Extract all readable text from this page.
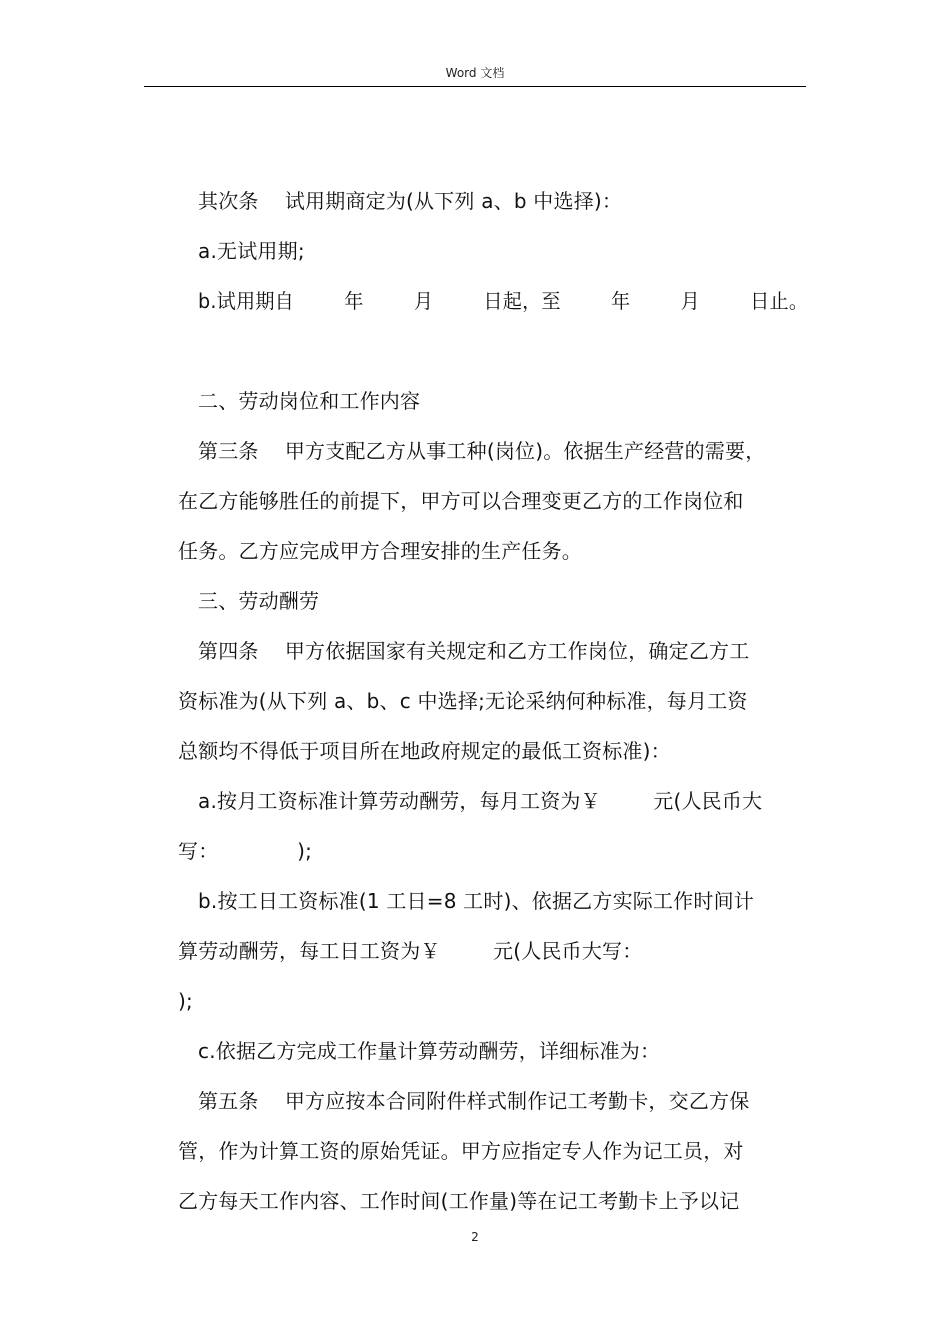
Word 文档
其次条    试用期商定为(从下列 a、b 中选择)：
a.无试用期;
b.试用期自        年        月        日起，至        年        月        日止。
二、劳动岗位和工作内容
第三条    甲方支配乙方从事工种(岗位)。依据生产经营的需要，
在乙方能够胜任的前提下，甲方可以合理变更乙方的工作岗位和
任务。乙方应完成甲方合理安排的生产任务。
三、劳动酬劳
第四条    甲方依据国家有关规定和乙方工作岗位，确定乙方工
资标准为(从下列 a、b、c 中选择;无论采纳何种标准，每月工资
总额均不得低于项目所在地政府规定的最低工资标准)：
a.按月工资标准计算劳动酬劳，每月工资为￥        元(人民币大
写：            );
b.按工日工资标准(1 工日=8 工时)、依据乙方实际工作时间计
算劳动酬劳，每工日工资为￥        元(人民币大写：
);
c.依据乙方完成工作量计算劳动酬劳，详细标准为：
第五条    甲方应按本合同附件样式制作记工考勤卡，交乙方保
管，作为计算工资的原始凭证。甲方应指定专人作为记工员，对
乙方每天工作内容、工作时间(工作量)等在记工考勤卡上予以记
2
